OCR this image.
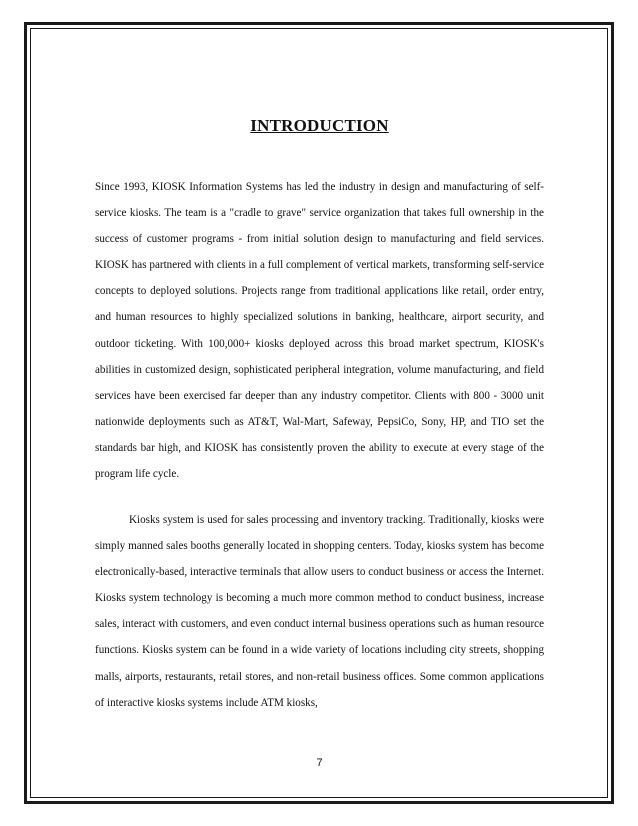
INTRODUCTION

Since 1993, KIOSK Information Systems has led the industry in design and manufacturing of self-service kiosks. The team is a "cradle to grave" service organization that takes full ownership in the success of customer programs - from initial solution design to manufacturing and field services. KIOSK has partnered with clients in a full complement of vertical markets, transforming self-service concepts to deployed solutions. Projects range from traditional applications like retail, order entry, and human resources to highly specialized solutions in banking, healthcare, airport security, and outdoor ticketing. With 100,000+ kiosks deployed across this broad market spectrum, KIOSK's abilities in customized design, sophisticated peripheral integration, volume manufacturing, and field services have been exercised far deeper than any industry competitor. Clients with 800 - 3000 unit nationwide deployments such as AT&T, Wal-Mart, Safeway, PepsiCo, Sony, HP, and TIO set the standards bar high, and KIOSK has consistently proven the ability to execute at every stage of the program life cycle.

Kiosks system is used for sales processing and inventory tracking. Traditionally, kiosks were simply manned sales booths generally located in shopping centers. Today, kiosks system has become electronically-based, interactive terminals that allow users to conduct business or access the Internet. Kiosks system technology is becoming a much more common method to conduct business, increase sales, interact with customers, and even conduct internal business operations such as human resource functions. Kiosks system can be found in a wide variety of locations including city streets, shopping malls, airports, restaurants, retail stores, and non-retail business offices. Some common applications of interactive kiosks systems include ATM kiosks,

7
